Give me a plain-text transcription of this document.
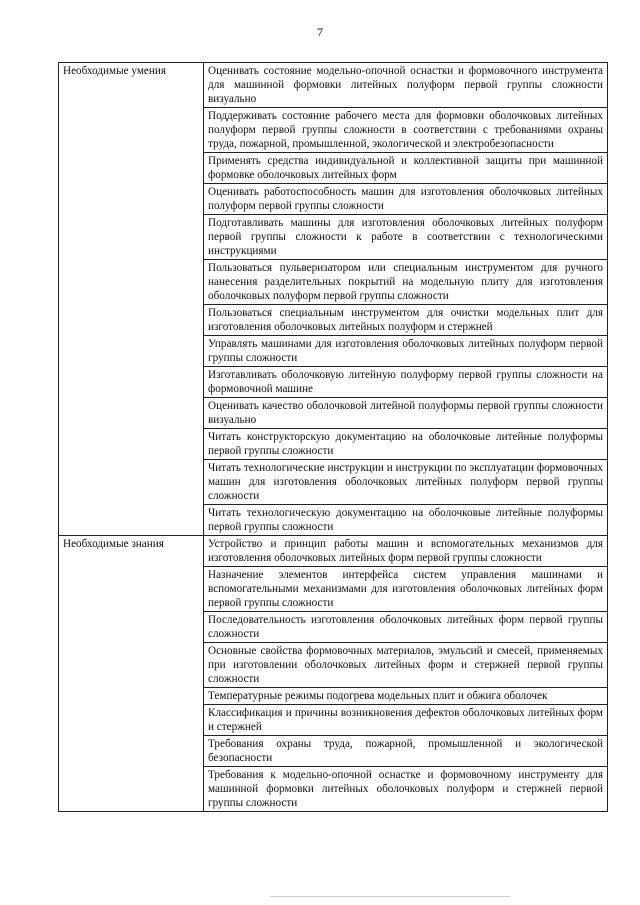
7
Необходимые умения	Оценивать состояние модельно-опочной оснастки и формовочного инструмента для машинной формовки литейных полуформ первой группы сложности визуально
	Поддерживать состояние рабочего места для формовки оболочковых литейных полуформ первой группы сложности в соответствии с требованиями охраны труда, пожарной, промышленной, экологической и электробезопасности
	Применять средства индивидуальной и коллективной защиты при машинной формовке оболочковых литейных форм
	Оценивать работоспособность машин для изготовления оболочковых литейных полуформ первой группы сложности
	Подготавливать машины для изготовления оболочковых литейных полуформ первой группы сложности к работе в соответствии с технологическими инструкциями
	Пользоваться пульверизатором или специальным инструментом для ручного нанесения разделительных покрытий на модельную плиту для изготовления оболочковых полуформ первой группы сложности
	Пользоваться специальным инструментом для очистки модельных плит для изготовления оболочковых литейных полуформ и стержней
	Управлять машинами для изготовления оболочковых литейных полуформ первой группы сложности
	Изготавливать оболочковую литейную полуформу первой группы сложности на формовочной машине
	Оценивать качество оболочковой литейной полуформы первой группы сложности визуально
	Читать конструкторскую документацию на оболочковые литейные полуформы первой группы сложности
	Читать технологические инструкции и инструкции по эксплуатации формовочных машин для изготовления оболочковых литейных полуформ первой группы сложности
	Читать технологическую документацию на оболочковые литейные полуформы первой группы сложности
Необходимые знания	Устройство и принцип работы машин и вспомогательных механизмов для изготовления оболочковых литейных форм первой группы сложности
	Назначение элементов интерфейса систем управления машинами и вспомогательными механизмами для изготовления оболочковых литейных форм первой группы сложности
	Последовательность изготовления оболочковых литейных форм первой группы сложности
	Основные свойства формовочных материалов, эмульсий и смесей, применяемых при изготовлении оболочковых литейных форм и стержней первой группы сложности
	Температурные режимы подогрева модельных плит и обжига оболочек
	Классификация и причины возникновения дефектов оболочковых литейных форм и стержней
	Требования охраны труда, пожарной, промышленной и экологической безопасности
	Требования к модельно-опочной оснастке и формовочному инструменту для машинной формовки литейных оболочковых полуформ и стержней первой группы сложности
